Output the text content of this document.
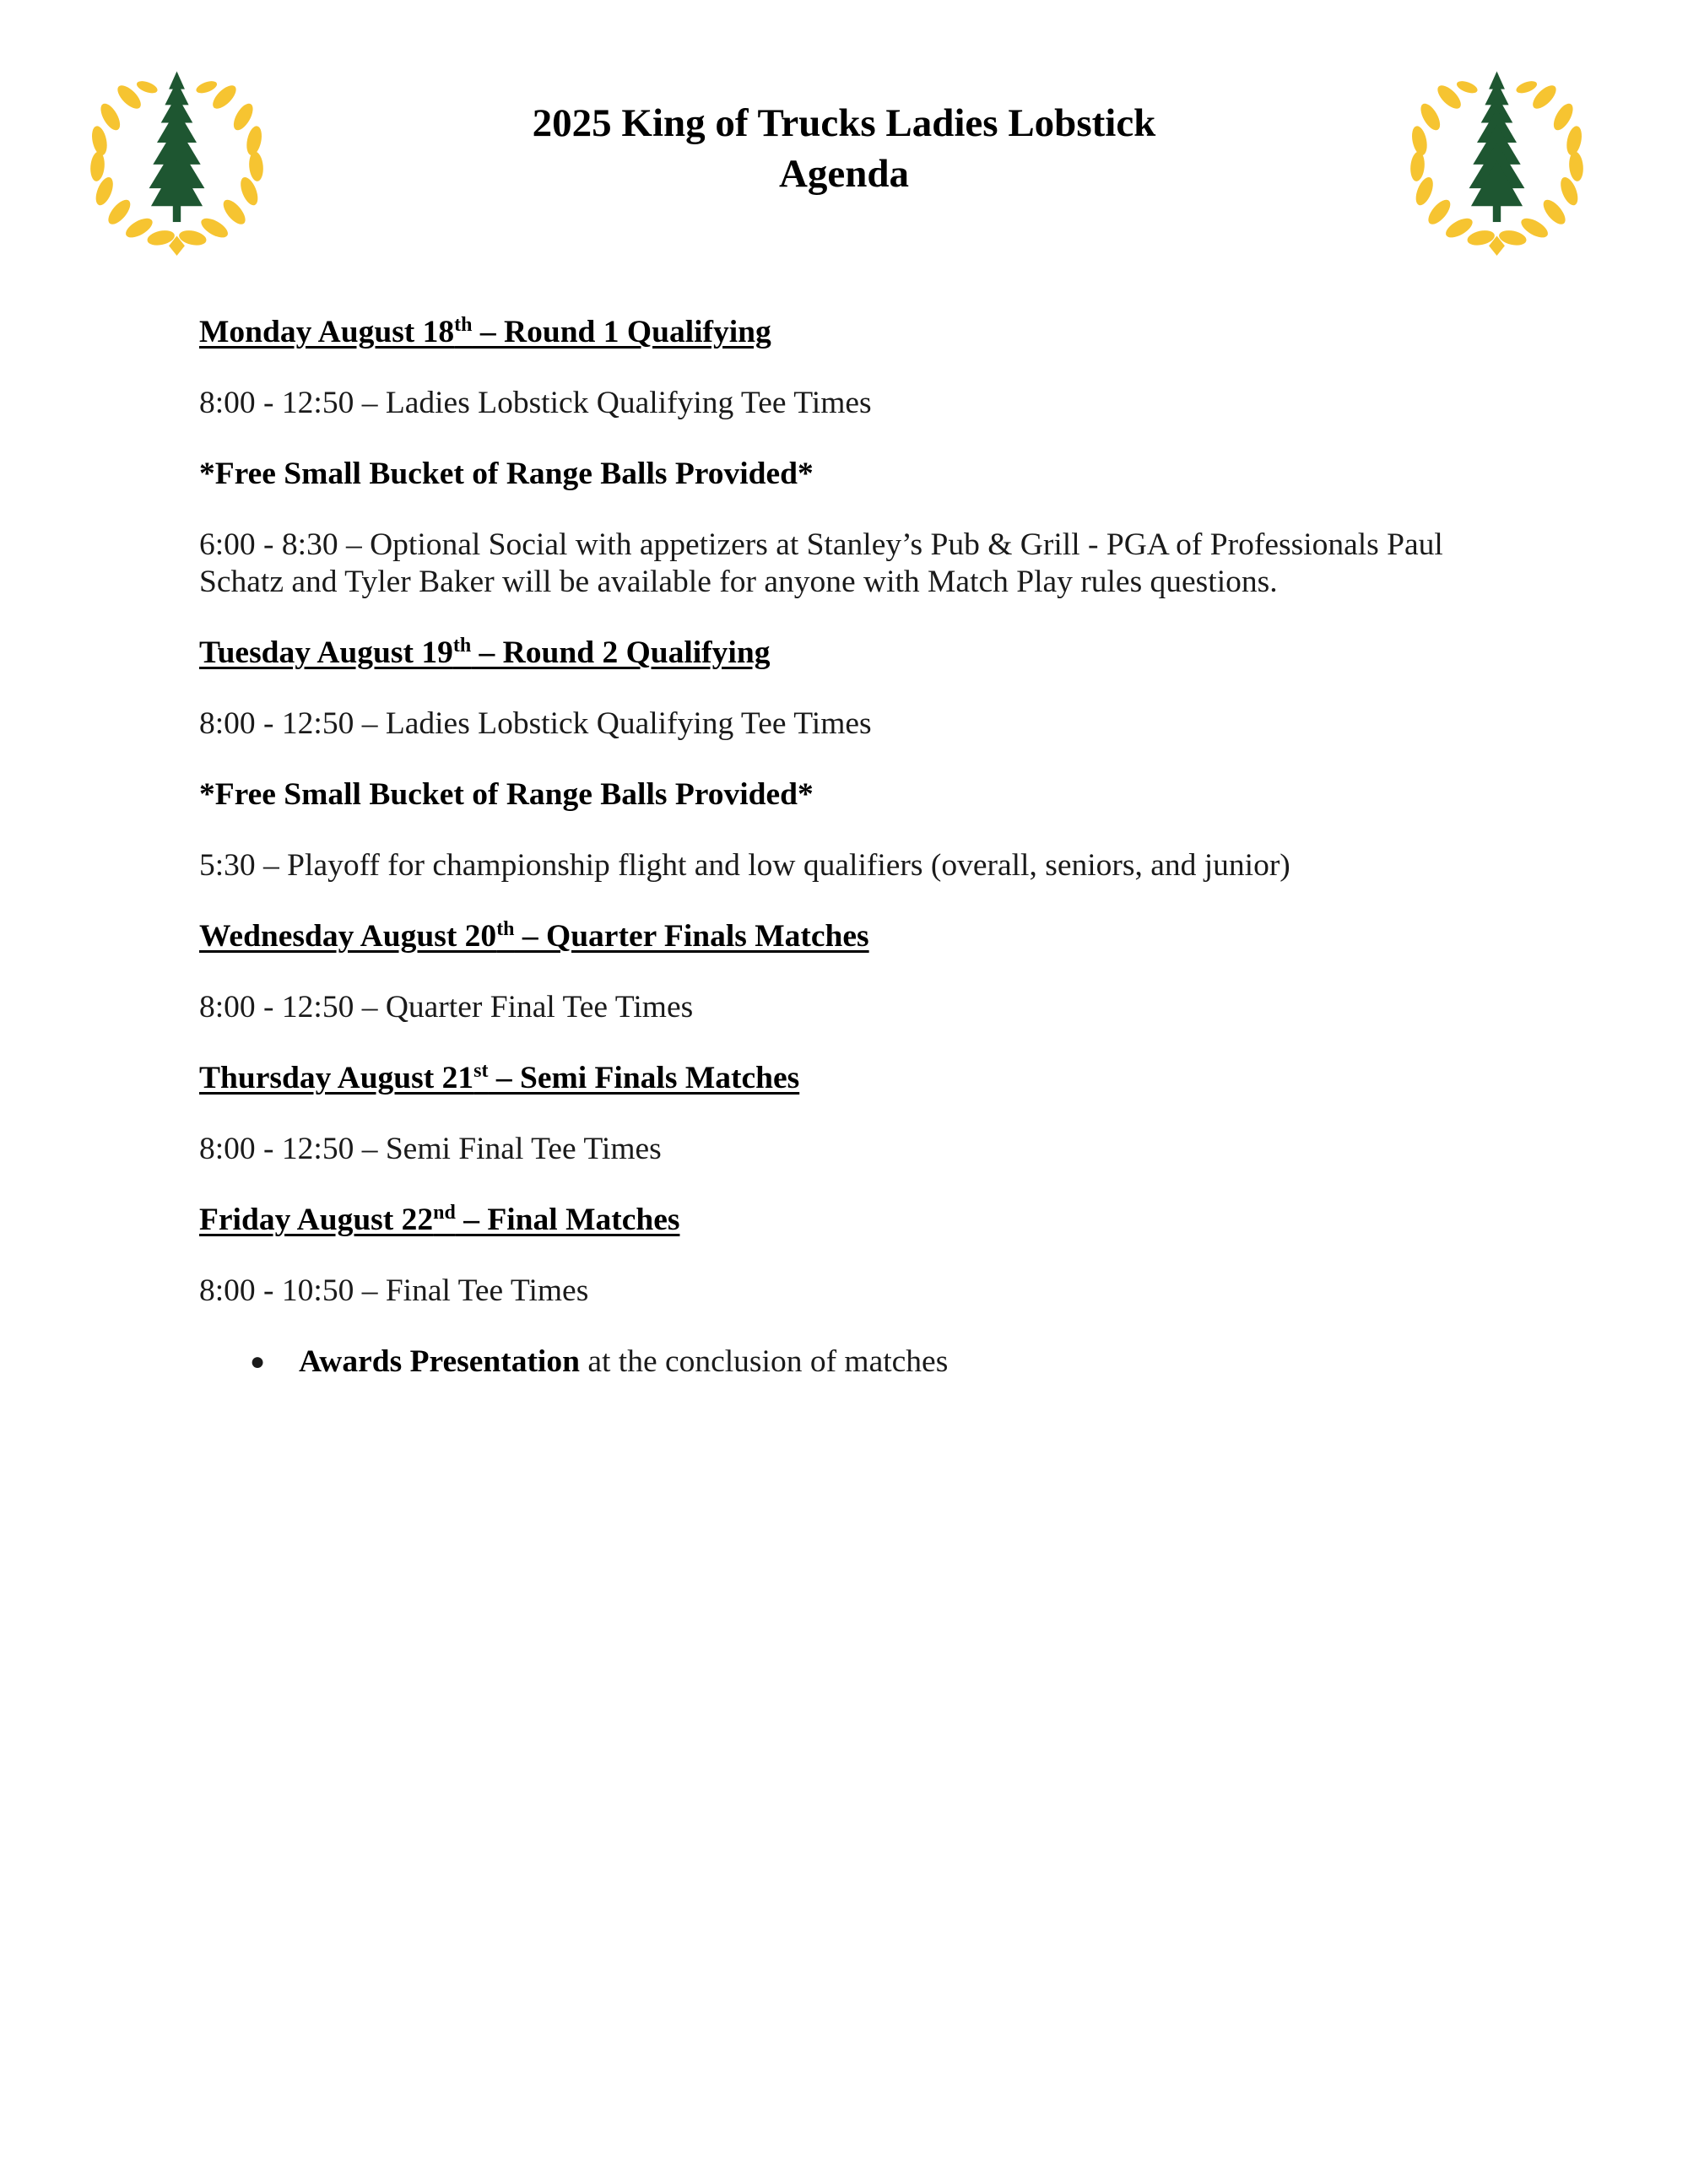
2025 King of Trucks Ladies Lobstick
Agenda
Monday August 18th – Round 1 Qualifying
8:00 - 12:50 – Ladies Lobstick Qualifying Tee Times
*Free Small Bucket of Range Balls Provided*
6:00 - 8:30 – Optional Social with appetizers at Stanley’s Pub & Grill - PGA of Professionals Paul Schatz and Tyler Baker will be available for anyone with Match Play rules questions.
Tuesday August 19th – Round 2 Qualifying
8:00 - 12:50 – Ladies Lobstick Qualifying Tee Times
*Free Small Bucket of Range Balls Provided*
5:30 – Playoff for championship flight and low qualifiers (overall, seniors, and junior)
Wednesday August 20th – Quarter Finals Matches
8:00 - 12:50 – Quarter Final Tee Times
Thursday August 21st – Semi Finals Matches
8:00 - 12:50 – Semi Final Tee Times
Friday August 22nd – Final Matches
8:00 - 10:50 – Final Tee Times
● Awards Presentation at the conclusion of matches
